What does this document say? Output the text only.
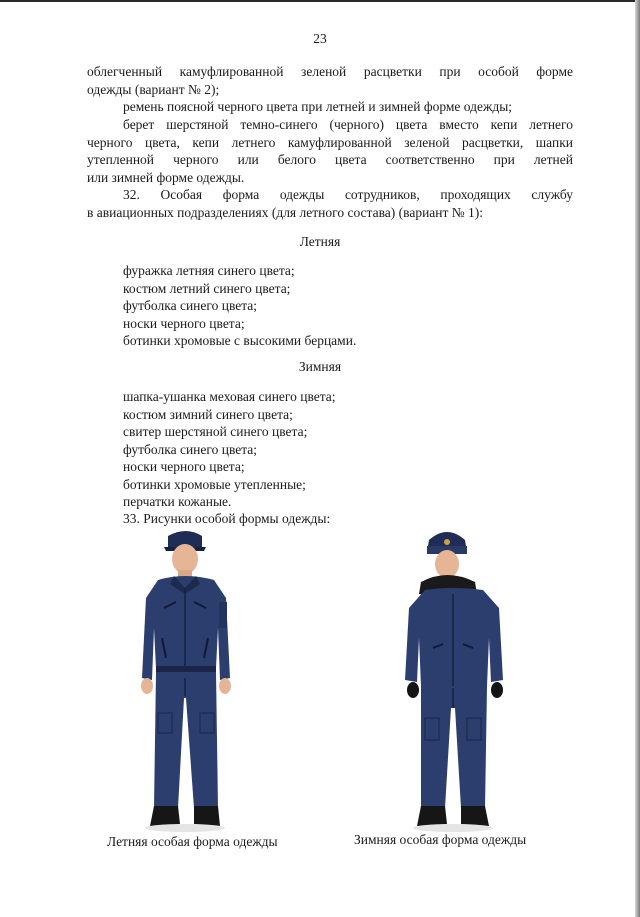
23
облегченный камуфлированной зеленой расцветки при особой форме
одежды (вариант № 2);
ремень поясной черного цвета при летней и зимней форме одежды;
берет шерстяной темно-синего (черного) цвета вместо кепи летнего
черного цвета, кепи летнего камуфлированной зеленой расцветки, шапки
утепленной черного или белого цвета соответственно при летней
или зимней форме одежды.
32. Особая форма одежды сотрудников, проходящих службу
в авиационных подразделениях (для летного состава) (вариант № 1):
Летняя
фуражка летняя синего цвета;
костюм летний синего цвета;
футболка синего цвета;
носки черного цвета;
ботинки хромовые с высокими берцами.
Зимняя
шапка-ушанка меховая синего цвета;
костюм зимний синего цвета;
свитер шерстяной синего цвета;
футболка синего цвета;
носки черного цвета;
ботинки хромовые утепленные;
перчатки кожаные.
33. Рисунки особой формы одежды:
Летняя особая форма одежды	Зимняя особая форма одежды
